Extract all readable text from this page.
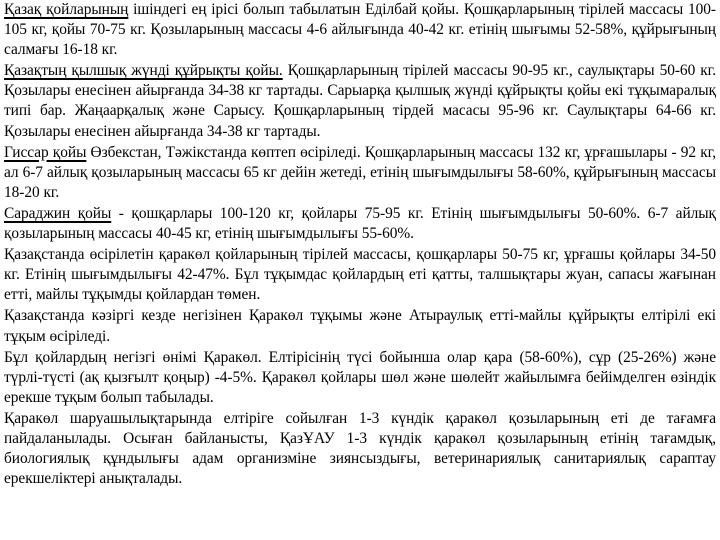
Қазақ қойларының ішіндегі ең ірісі болып табылатын Еділбай қойы. Қошқарларының тірілей массасы 100-105 кг, қойы 70-75 кг. Қозыларының массасы 4-6 айлығында 40-42 кг. етінің шығымы 52-58%, құйрығының салмағы 16-18 кг.

Қазақтың қылшық жүнді құйрықты қойы. Қошқарларының тірілей массасы 90-95 кг., саулықтары 50-60 кг. Қозылары енесінен айырғанда 34-38 кг тартады. Сарыарқа қылшық жүнді құйрықты қойы екі тұқымаралық типі бар. Жаңаарқалық және Сарысу. Қошқарларының тірдей масасы 95-96 кг. Саулықтары 64-66 кг. Қозылары енесінен айырғанда 34-38 кг тартады.

Гиссар қойы Өзбекстан, Тәжікстанда көптеп өсіріледі. Қошқарларының массасы 132 кг, ұрғашылары - 92 кг, ал 6-7 айлық қозыларының массасы 65 кг дейін жетеді, етінің шығымдылығы 58-60%, құйрығының массасы 18-20 кг.

Сараджин қойы - қошқарлары 100-120 кг, қойлары 75-95 кг. Етінің шығымдылығы 50-60%. 6-7 айлық қозыларының массасы 40-45 кг, етінің шығымдылығы 55-60%.

Қазақстанда өсірілетін қаракөл қойларының тірілей массасы, қошқарлары 50-75 кг, ұрғашы қойлары 34-50 кг. Етінің шығымдылығы 42-47%. Бұл тұқымдас қойлардың еті қатты, талшықтары жуан, сапасы жағынан етті, майлы тұқымды қойлардан төмен.

Қазақстанда кәзіргі кезде негізінен Қаракөл тұқымы және Атыраулық етті-майлы құйрықты елтірілі екі тұқым өсіріледі.

Бұл қойлардың негізгі өнімі Қаракөл. Елтірісінің түсі бойынша олар қара (58-60%), сұр (25-26%) және түрлі-түсті (ақ қызғылт қоңыр) -4-5%. Қаракөл қойлары шөл және шөлейт жайылымға бейімделген өзіндік ерекше тұқым болып табылады.

Қаракөл шаруашылықтарында елтіріге сойылған 1-3 күндік қаракөл қозыларының еті де тағамға пайдаланылады. Осыған байланысты, ҚазҰАУ 1-3 күндік қаракөл қозыларының етінің тағамдық, биологиялық құндылығы адам организміне зиянсыздығы, ветеринариялық санитариялық сараптау ерекшеліктері анықталады.
